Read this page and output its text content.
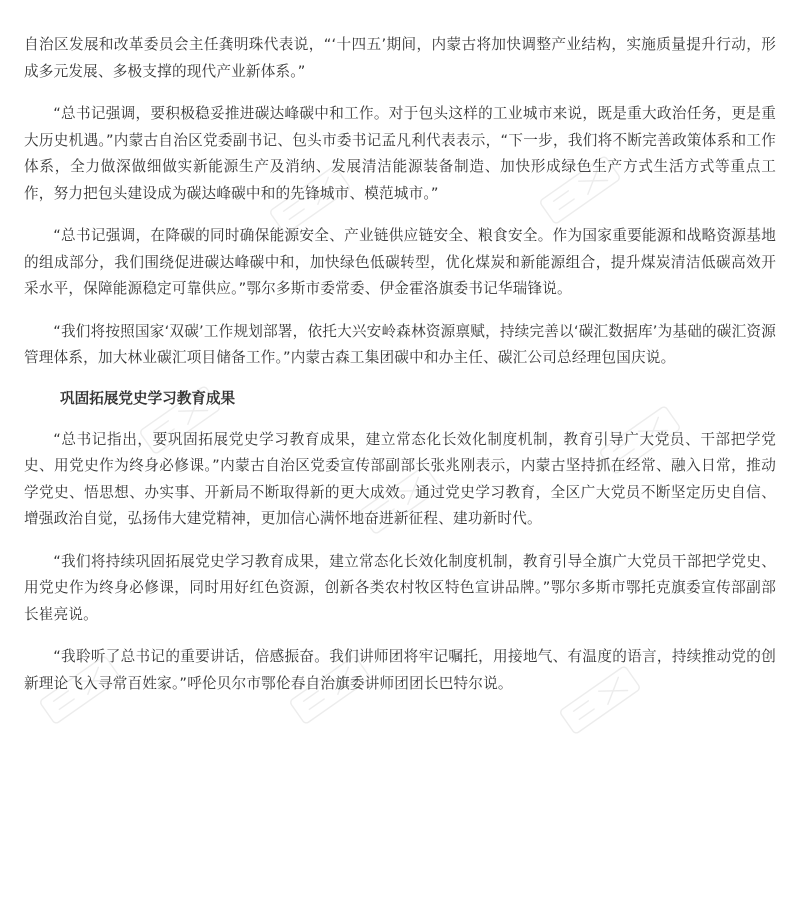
自治区发展和改革委员会主任龚明珠代表说，“‘十四五’期间，内蒙古将加快调整产业结构，实施质量提升行动，形成多元发展、多极支撑的现代产业新体系。”

“总书记强调，要积极稳妥推进碳达峰碳中和工作。对于包头这样的工业城市来说，既是重大政治任务，更是重大历史机遇。”内蒙古自治区党委副书记、包头市委书记孟凡利代表表示，“下一步，我们将不断完善政策体系和工作体系，全力做深做细做实新能源生产及消纳、发展清洁能源装备制造、加快形成绿色生产方式生活方式等重点工作，努力把包头建设成为碳达峰碳中和的先锋城市、模范城市。”

“总书记强调，在降碳的同时确保能源安全、产业链供应链安全、粮食安全。作为国家重要能源和战略资源基地的组成部分，我们围绕促进碳达峰碳中和，加快绿色低碳转型，优化煤炭和新能源组合，提升煤炭清洁低碳高效开采水平，保障能源稳定可靠供应。”鄂尔多斯市委常委、伊金霍洛旗委书记华瑞锋说。

“我们将按照国家‘双碳’工作规划部署，依托大兴安岭森林资源禀赋，持续完善以‘碳汇数据库’为基础的碳汇资源管理体系，加大林业碳汇项目储备工作。”内蒙古森工集团碳中和办主任、碳汇公司总经理包国庆说。

巩固拓展党史学习教育成果

“总书记指出，要巩固拓展党史学习教育成果，建立常态化长效化制度机制，教育引导广大党员、干部把学党史、用党史作为终身必修课。”内蒙古自治区党委宣传部副部长张兆刚表示，内蒙古坚持抓在经常、融入日常，推动学党史、悟思想、办实事、开新局不断取得新的更大成效。通过党史学习教育，全区广大党员不断坚定历史自信、增强政治自觉，弘扬伟大建党精神，更加信心满怀地奋进新征程、建功新时代。

“我们将持续巩固拓展党史学习教育成果，建立常态化长效化制度机制，教育引导全旗广大党员干部把学党史、用党史作为终身必修课，同时用好红色资源，创新各类农村牧区特色宣讲品牌。”鄂尔多斯市鄂托克旗委宣传部副部长崔亮说。

“我聆听了总书记的重要讲话，倍感振奋。我们讲师团将牢记嘱托，用接地气、有温度的语言，持续推动党的创新理论飞入寻常百姓家。”呼伦贝尔市鄂伦春自治旗委讲师团团长巴特尔说。
